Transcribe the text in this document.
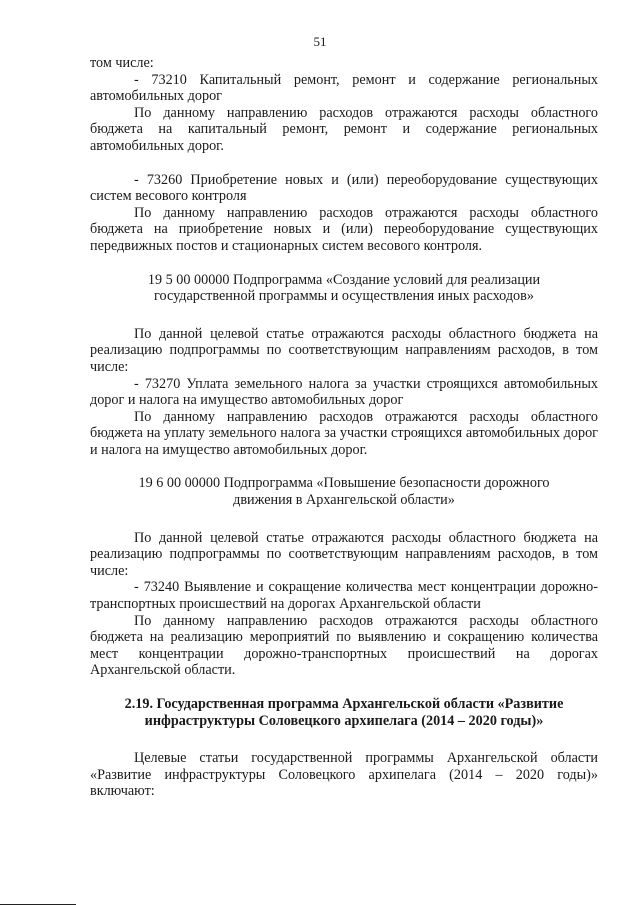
51

том числе:

- 73210 Капитальный ремонт, ремонт и содержание региональных автомобильных дорог

По данному направлению расходов отражаются расходы областного бюджета на капитальный ремонт, ремонт и содержание региональных автомобильных дорог.

- 73260 Приобретение новых и (или) переоборудование существующих систем весового контроля

По данному направлению расходов отражаются расходы областного бюджета на приобретение новых и (или) переоборудование существующих передвижных постов и стационарных систем весового контроля.

19 5 00 00000 Подпрограмма «Создание условий для реализации государственной программы и осуществления иных расходов»

По данной целевой статье отражаются расходы областного бюджета на реализацию подпрограммы по соответствующим направлениям расходов, в том числе:

- 73270 Уплата земельного налога за участки строящихся автомобильных дорог и налога на имущество автомобильных дорог

По данному направлению расходов отражаются расходы областного бюджета на уплату земельного налога за участки строящихся автомобильных дорог и налога на имущество автомобильных дорог.

19 6 00 00000 Подпрограмма «Повышение безопасности дорожного движения в Архангельской области»

По данной целевой статье отражаются расходы областного бюджета на реализацию подпрограммы по соответствующим направлениям расходов, в том числе:

- 73240 Выявление и сокращение количества мест концентрации дорожно-транспортных происшествий на дорогах Архангельской области

По данному направлению расходов отражаются расходы областного бюджета на реализацию мероприятий по выявлению и сокращению количества мест концентрации дорожно-транспортных происшествий на дорогах Архангельской области.

2.19. Государственная программа Архангельской области «Развитие инфраструктуры Соловецкого архипелага (2014 – 2020 годы)»

Целевые статьи государственной программы Архангельской области «Развитие инфраструктуры Соловецкого архипелага (2014 – 2020 годы)» включают:
